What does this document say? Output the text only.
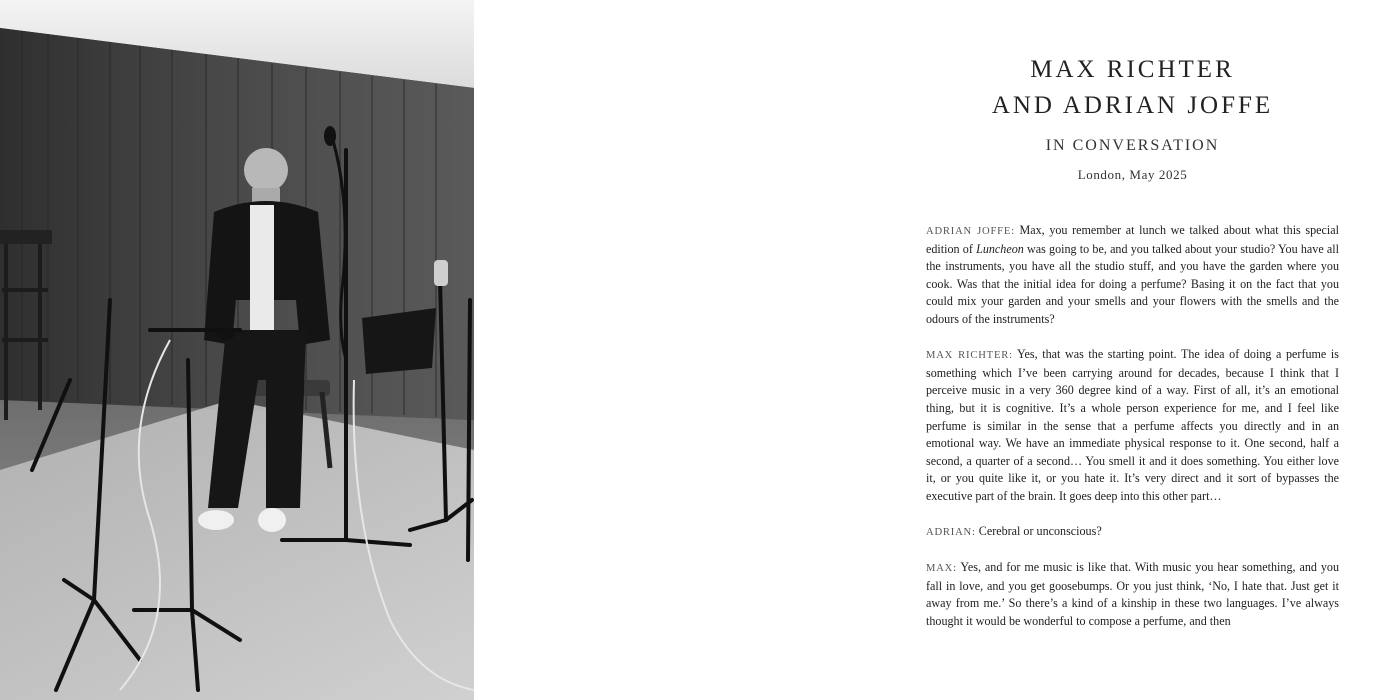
MAX RICHTER
AND ADRIAN JOFFE
IN CONVERSATION
London, May 2025

ADRIAN JOFFE: Max, you remember at lunch we talked about what this special edition of Luncheon was going to be, and you talked about your studio? You have all the instruments, you have all the studio stuff, and you have the garden where you cook. Was that the initial idea for doing a perfume? Basing it on the fact that you could mix your garden and your smells and your flowers with the smells and the odours of the instruments?

MAX RICHTER: Yes, that was the starting point. The idea of doing a perfume is something which I’ve been carrying around for decades, because I think that I perceive music in a very 360 degree kind of a way. First of all, it’s an emotional thing, but it is cognitive. It’s a whole person experience for me, and I feel like perfume is similar in the sense that a perfume affects you directly and in an emotional way. We have an immediate physical response to it. One second, half a second, a quarter of a second… You smell it and it does something. You either love it, or you quite like it, or you hate it. It’s very direct and it sort of bypasses the executive part of the brain. It goes deep into this other part…

ADRIAN: Cerebral or unconscious?

MAX: Yes, and for me music is like that. With music you hear something, and you fall in love, and you get goosebumps. Or you just think, ‘No, I hate that. Just get it away from me.’ So there’s a kind of a kinship in these two languages. I’ve always thought it would be wonderful to compose a perfume, and then
